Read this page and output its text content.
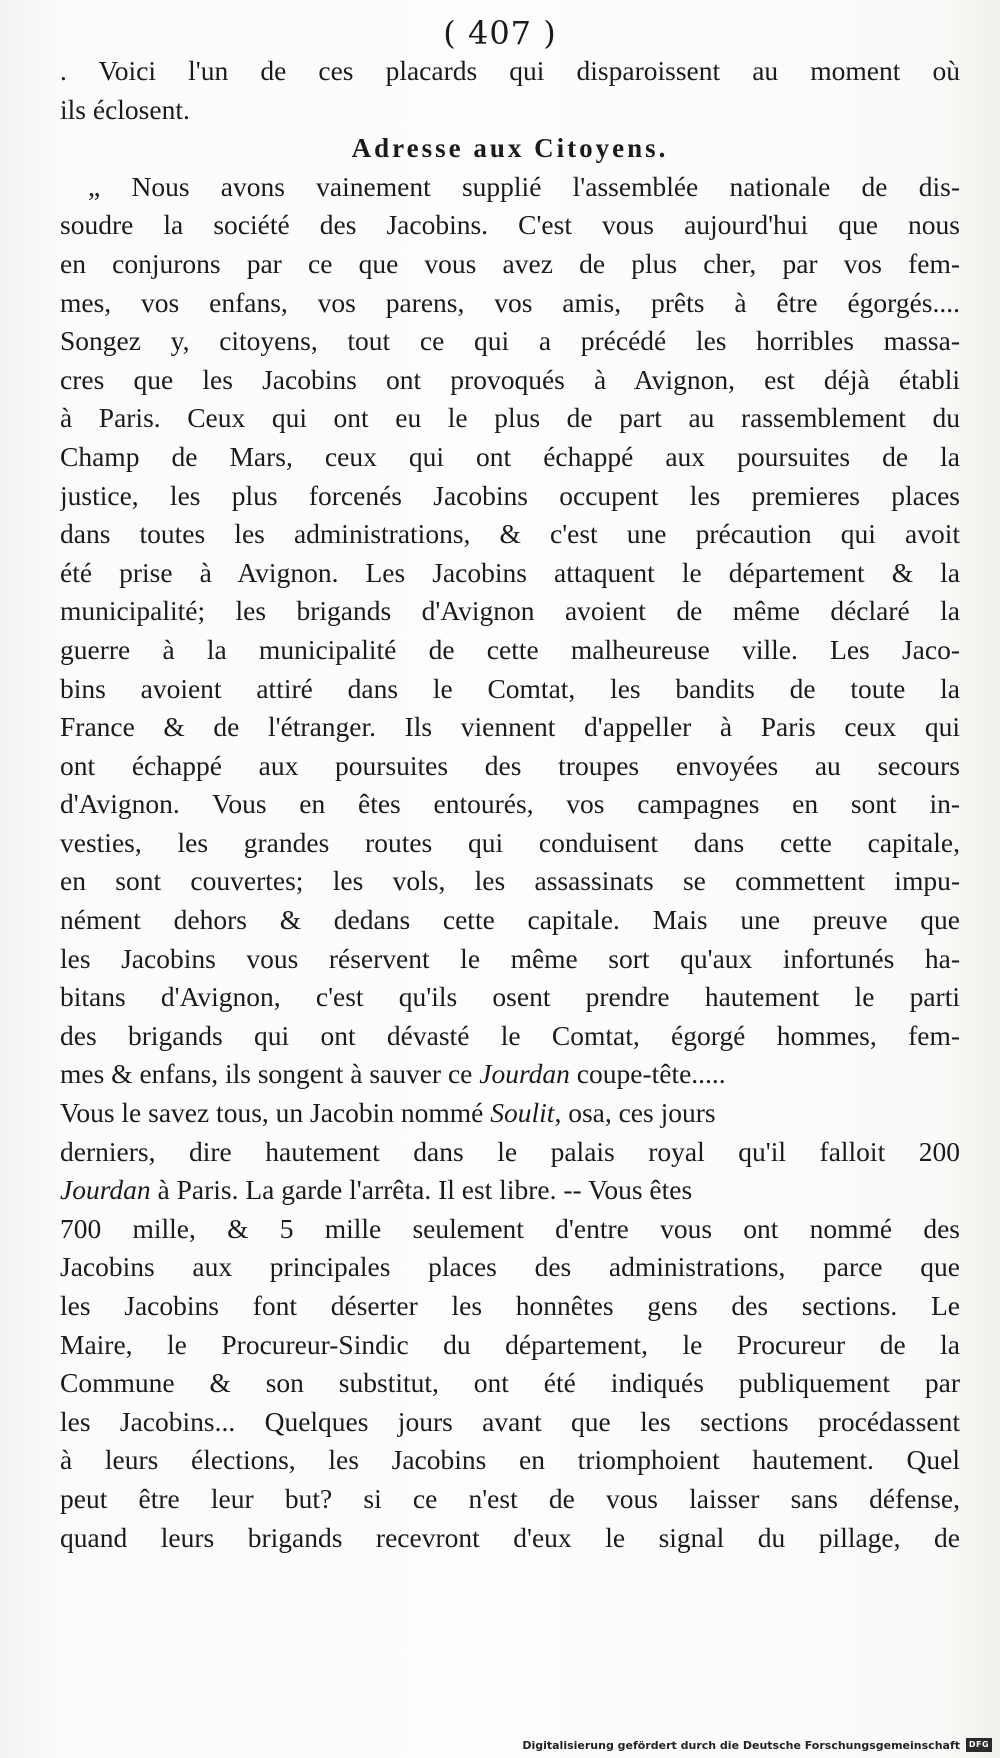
( 407 )
. Voici l'un de ces placards qui disparoissent au moment où
ils éclosent.
Adresse aux Citoyens.
„ Nous avons vainement supplié l'assemblée nationale de dis-
soudre la société des Jacobins. C'est vous aujourd'hui que nous
en conjurons par ce que vous avez de plus cher, par vos fem-
mes, vos enfans, vos parens, vos amis, prêts à être égorgés....
Songez y, citoyens, tout ce qui a précédé les horribles massa-
cres que les Jacobins ont provoqués à Avignon, est déjà établi
à Paris. Ceux qui ont eu le plus de part au rassemblement du
Champ de Mars, ceux qui ont échappé aux poursuites de la
justice, les plus forcenés Jacobins occupent les premieres places
dans toutes les administrations, & c'est une précaution qui avoit
été prise à Avignon. Les Jacobins attaquent le département & la
municipalité; les brigands d'Avignon avoient de même déclaré la
guerre à la municipalité de cette malheureuse ville. Les Jaco-
bins avoient attiré dans le Comtat, les bandits de toute la
France & de l'étranger. Ils viennent d'appeller à Paris ceux qui
ont échappé aux poursuites des troupes envoyées au secours
d'Avignon. Vous en êtes entourés, vos campagnes en sont in-
vesties, les grandes routes qui conduisent dans cette capitale,
en sont couvertes; les vols, les assassinats se commettent impu-
nément dehors & dedans cette capitale. Mais une preuve que
les Jacobins vous réservent le même sort qu'aux infortunés ha-
bitans d'Avignon, c'est qu'ils osent prendre hautement le parti
des brigands qui ont dévasté le Comtat, égorgé hommes, fem-
mes & enfans, ils songent à sauver ce Jourdan coupe-tête.....
Vous le savez tous, un Jacobin nommé Soulit, osa, ces jours
derniers, dire hautement dans le palais royal qu'il falloit 200
Jourdan à Paris. La garde l'arrêta. Il est libre. -- Vous êtes
700 mille, & 5 mille seulement d'entre vous ont nommé des
Jacobins aux principales places des administrations, parce que
les Jacobins font déserter les honnêtes gens des sections. Le
Maire, le Procureur-Sindic du département, le Procureur de la
Commune & son substitut, ont été indiqués publiquement par
les Jacobins... Quelques jours avant que les sections procédassent
à leurs élections, les Jacobins en triomphoient hautement. Quel
peut être leur but? si ce n'est de vous laisser sans défense,
quand leurs brigands recevront d'eux le signal du pillage, de
Digitalisierung gefördert durch die Deutsche Forschungsgemeinschaft	DFG
